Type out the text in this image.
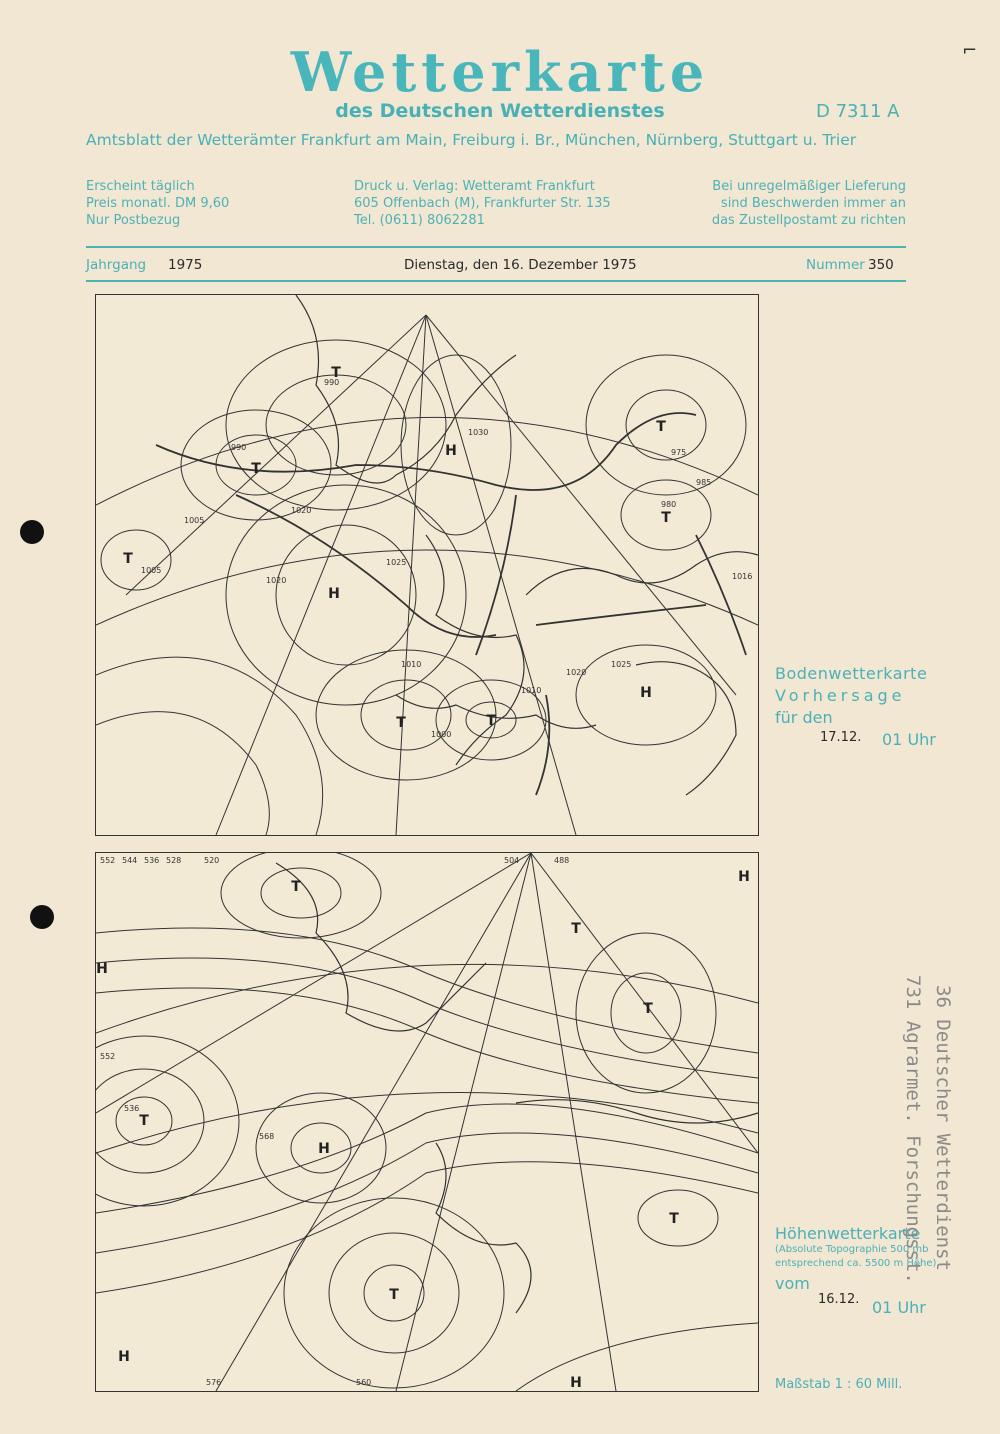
Wetterkarte
des Deutschen Wetterdienstes	D 7311 A
Amtsblatt der Wetterämter Frankfurt am Main, Freiburg i. Br., München, Nürnberg, Stuttgart u. Trier
Erscheint täglich
Preis monatl. DM 9,60
Nur Postbezug
Druck u. Verlag: Wetteramt Frankfurt
605 Offenbach (M), Frankfurter Str. 135
Tel. (0611) 8062281
Bei unregelmäßiger Lieferung
sind Beschwerden immer an
das Zustellpostamt zu richten
Jahrgang 1975	Dienstag, den 16. Dezember 1975	Nummer 350
⌐
T
T
T
T	T
T
T
H
H
H
990
990
1005
1005
1020
1025
1030
1020
1010
1000
1010
1020
1025
1016
985
975
980
Bodenwetterkarte
Vorhersage
für den
17.12. 01 Uhr
T
T
T
T
T
T
H
H
H
H
H
552 544 536 528	520	504	488
568
576	560
536
552
Höhenwetterkarte
(Absolute Topographie 500 mb
entsprechend ca. 5500 m Höhe)
vom
16.12. 01 Uhr
Maßstab 1 : 60 Mill.
36 Deutscher Wetterdienst
731 Agrarmet. Forschungsst.
